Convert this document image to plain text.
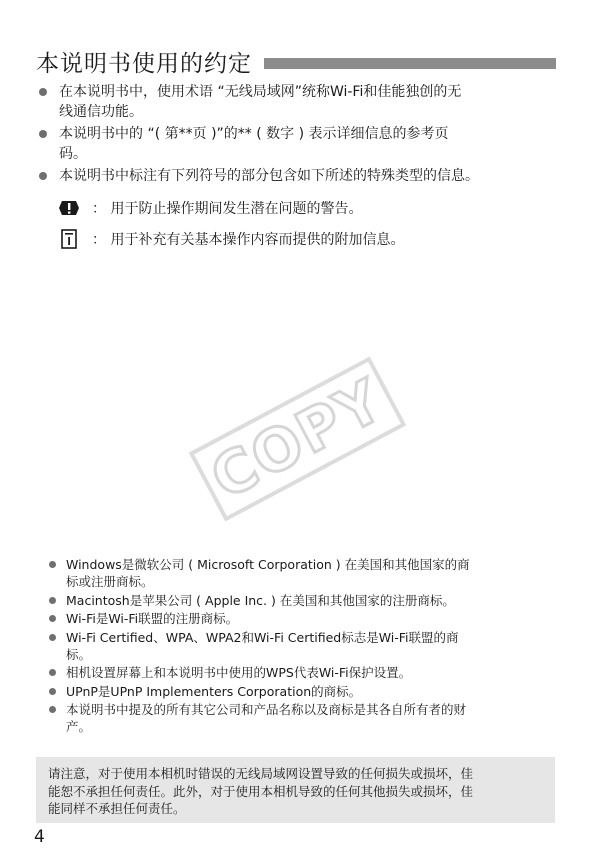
本说明书使用的约定
在本说明书中，使用术语 “无线局域网”统称Wi-Fi和佳能独创的无
线通信功能。
本说明书中的 “( 第**页 )”的** ( 数字 ) 表示详细信息的参考页
码。
本说明书中标注有下列符号的部分包含如下所述的特殊类型的信息。
： 用于防止操作期间发生潜在问题的警告。
： 用于补充有关基本操作内容而提供的附加信息。
COPY
Windows是微软公司 ( Microsoft Corporation ) 在美国和其他国家的商
标或注册商标。
Macintosh是苹果公司 ( Apple Inc. ) 在美国和其他国家的注册商标。
Wi-Fi是Wi-Fi联盟的注册商标。
Wi-Fi Certified、WPA、WPA2和Wi-Fi Certified标志是Wi-Fi联盟的商
标。
相机设置屏幕上和本说明书中使用的WPS代表Wi-Fi保护设置。
UPnP是UPnP Implementers Corporation的商标。
本说明书中提及的所有其它公司和产品名称以及商标是其各自所有者的财
产。
请注意，对于使用本相机时错误的无线局域网设置导致的任何损失或损坏，佳
能恕不承担任何责任。此外，对于使用本相机导致的任何其他损失或损坏，佳
能同样不承担任何责任。
4
